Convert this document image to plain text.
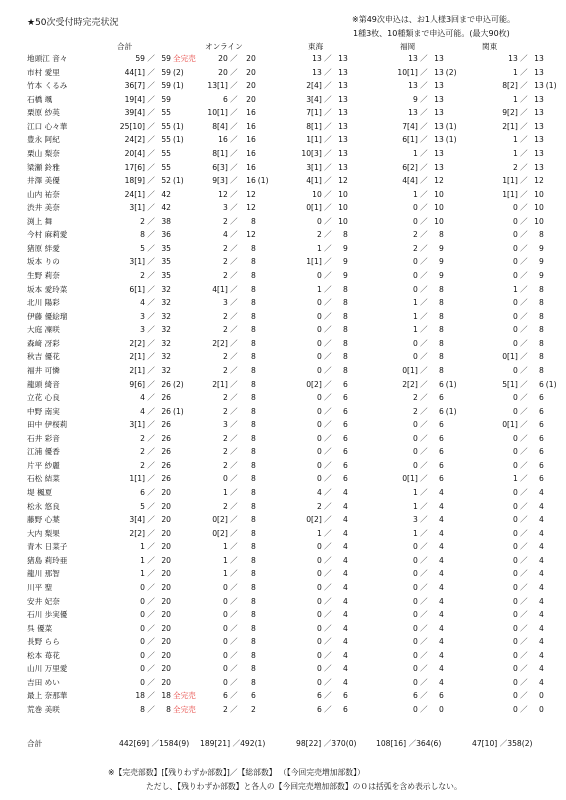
★50次受付時完売状況	※第49次申込は、お1人様3回まで申込可能。
1種3枚、10種類まで申込可能。(最大90枚)
合計	オンライン	東海	福岡	関東
地頭江 音々	59 ／ 59 全完売	20 ／ 20	13 ／ 13	13 ／ 13	13 ／ 13
市村 愛里	44[1] ／ 59 (2)	20 ／ 20	13 ／ 13	10[1] ／ 13 (2)	1 ／ 13
竹本 くるみ	36[7] ／ 59 (1)	13[1] ／ 20	2[4] ／ 13	13 ／ 13	8[2] ／ 13 (1)
石橋 颯	19[4] ／ 59	6 ／ 20	3[4] ／ 13	9 ／ 13	1 ／ 13
栗原 紗英	39[4] ／ 55	10[1] ／ 16	7[1] ／ 13	13 ／ 13	9[2] ／ 13
江口 心々華	25[10] ／ 55 (1)	8[4] ／ 16	8[1] ／ 13	7[4] ／ 13 (1)	2[1] ／ 13
豊永 阿紀	24[2] ／ 55 (1)	16 ／ 16	1[1] ／ 13	6[1] ／ 13 (1)	1 ／ 13
栗山 梨奈	20[4] ／ 55	8[1] ／ 16	10[3] ／ 13	1 ／ 13	1 ／ 13
梁瀬 鈴雅	17[6] ／ 55	6[3] ／ 16	3[1] ／ 13	6[2] ／ 13	2 ／ 13
井澤 美優	18[9] ／ 52 (1)	9[3] ／ 16 (1)	4[1] ／ 12	4[4] ／ 12	1[1] ／ 12
山内 祐奈	24[1] ／ 42	12 ／ 12	10 ／ 10	1 ／ 10	1[1] ／ 10
渋井 美奈	3[1] ／ 42	3 ／ 12	0[1] ／ 10	0 ／ 10	0 ／ 10
渕上 舞	2 ／ 38	2 ／ 8	0 ／ 10	0 ／ 10	0 ／ 10
今村 麻莉愛	8 ／ 36	4 ／ 12	2 ／ 8	2 ／ 8	0 ／ 8
猪原 絆愛	5 ／ 35	2 ／ 8	1 ／ 9	2 ／ 9	0 ／ 9
坂本 りの	3[1] ／ 35	2 ／ 8	1[1] ／ 9	0 ／ 9	0 ／ 9
生野 莉奈	2 ／ 35	2 ／ 8	0 ／ 9	0 ／ 9	0 ／ 9
坂本 愛玲菜	6[1] ／ 32	4[1] ／ 8	1 ／ 8	0 ／ 8	1 ／ 8
北川 陽彩	4 ／ 32	3 ／ 8	0 ／ 8	1 ／ 8	0 ／ 8
伊藤 優絵瑠	3 ／ 32	2 ／ 8	0 ／ 8	1 ／ 8	0 ／ 8
大庭 凜咲	3 ／ 32	2 ／ 8	0 ／ 8	1 ／ 8	0 ／ 8
森﨑 冴彩	2[2] ／ 32	2[2] ／ 8	0 ／ 8	0 ／ 8	0 ／ 8
秋吉 優花	2[1] ／ 32	2 ／ 8	0 ／ 8	0 ／ 8	0[1] ／ 8
福井 可憐	2[1] ／ 32	2 ／ 8	0 ／ 8	0[1] ／ 8	0 ／ 8
龍頭 綺音	9[6] ／ 26 (2)	2[1] ／ 8	0[2] ／ 6	2[2] ／ 6 (1)	5[1] ／ 6 (1)
立花 心良	4 ／ 26	2 ／ 8	0 ／ 6	2 ／ 6	0 ／ 6
中野 南実	4 ／ 26 (1)	2 ／ 8	0 ／ 6	2 ／ 6 (1)	0 ／ 6
田中 伊桜莉	3[1] ／ 26	3 ／ 8	0 ／ 6	0 ／ 6	0[1] ／ 6
石井 彩音	2 ／ 26	2 ／ 8	0 ／ 6	0 ／ 6	0 ／ 6
江浦 優香	2 ／ 26	2 ／ 8	0 ／ 6	0 ／ 6	0 ／ 6
片平 紗麗	2 ／ 26	2 ／ 8	0 ／ 6	0 ／ 6	0 ／ 6
石松 結菜	1[1] ／ 26	0 ／ 8	0 ／ 6	0[1] ／ 6	1 ／ 6
堤 楓夏	6 ／ 20	1 ／ 8	4 ／ 4	1 ／ 4	0 ／ 4
松永 悠良	5 ／ 20	2 ／ 8	2 ／ 4	1 ／ 4	0 ／ 4
藤野 心葉	3[4] ／ 20	0[2] ／ 8	0[2] ／ 4	3 ／ 4	0 ／ 4
大内 梨果	2[2] ／ 20	0[2] ／ 8	1 ／ 4	1 ／ 4	0 ／ 4
青木 日菜子	1 ／ 20	1 ／ 8	0 ／ 4	0 ／ 4	0 ／ 4
猪島 莉玲亜	1 ／ 20	1 ／ 8	0 ／ 4	0 ／ 4	0 ／ 4
龍川 那智	1 ／ 20	1 ／ 8	0 ／ 4	0 ／ 4	0 ／ 4
川平 聖	0 ／ 20	0 ／ 8	0 ／ 4	0 ／ 4	0 ／ 4
安井 妃奈	0 ／ 20	0 ／ 8	0 ／ 4	0 ／ 4	0 ／ 4
石川 歩実優	0 ／ 20	0 ／ 8	0 ／ 4	0 ／ 4	0 ／ 4
呉 優菜	0 ／ 20	0 ／ 8	0 ／ 4	0 ／ 4	0 ／ 4
長野 らら	0 ／ 20	0 ／ 8	0 ／ 4	0 ／ 4	0 ／ 4
松本 苺花	0 ／ 20	0 ／ 8	0 ／ 4	0 ／ 4	0 ／ 4
山川 万里愛	0 ／ 20	0 ／ 8	0 ／ 4	0 ／ 4	0 ／ 4
吉田 めい	0 ／ 20	0 ／ 8	0 ／ 4	0 ／ 4	0 ／ 4
最上 奈那華	18 ／ 18 全完売	6 ／ 6	6 ／ 6	6 ／ 6	0 ／ 0
荒巻 美咲	8 ／ 8 全完売	2 ／ 2	6 ／ 6	0 ／ 0	0 ／ 0
合計	442[69] ／1584(9) 189[21] ／492(1)	98[22] ／370(0)	108[16] ／364(6)	47[10] ／358(2)
※【完売部数】[【残りわずか部数】]／【総部数】 （【今回完売増加部数】）
ただし、【残りわずか部数】と各人の【今回完売増加部数】の０は括弧を含め表示しない。
